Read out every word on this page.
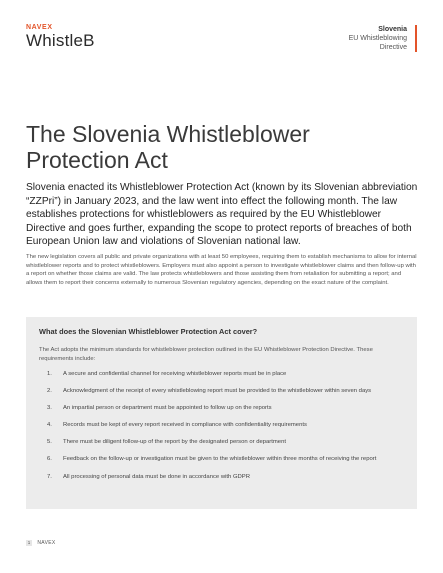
NAVEX
WhistleB
Slovenia
EU Whistleblowing
Directive
The Slovenia Whistleblower
Protection Act

Slovenia enacted its Whistleblower Protection Act (known by its Slovenian abbreviation “ZZPri”) in January 2023, and the law went into effect the following month. The law establishes protections for whistleblowers as required by the EU Whistleblower Directive and goes further, expanding the scope to protect reports of breaches of both European Union law and violations of Slovenian national law.

The new legislation covers all public and private organizations with at least 50 employees, requiring them to establish mechanisms to allow for internal whistleblower reports and to protect whistleblowers. Employers must also appoint a person to investigate whistleblower claims and then follow-up with a report on whether those claims are valid. The law protects whistleblowers and those assisting them from retaliation for submitting a report; and allows them to report their concerns externally to numerous Slovenian regulatory agencies, depending on the exact nature of the complaint.

What does the Slovenian Whistleblower Protection Act cover?

The Act adopts the minimum standards for whistleblower protection outlined in the EU Whistleblower Protection Directive. These requirements include:

1. A secure and confidential channel for receiving whistleblower reports must be in place
2. Acknowledgment of the receipt of every whistleblowing report must be provided to the whistleblower within seven days
3. An impartial person or department must be appointed to follow up on the reports
4. Records must be kept of every report received in compliance with confidentiality requirements
5. There must be diligent follow-up of the report by the designated person or department
6. Feedback on the follow-up or investigation must be given to the whistleblower within three months of receiving the report
7. All processing of personal data must be done in accordance with GDPR
1 NAVEX
